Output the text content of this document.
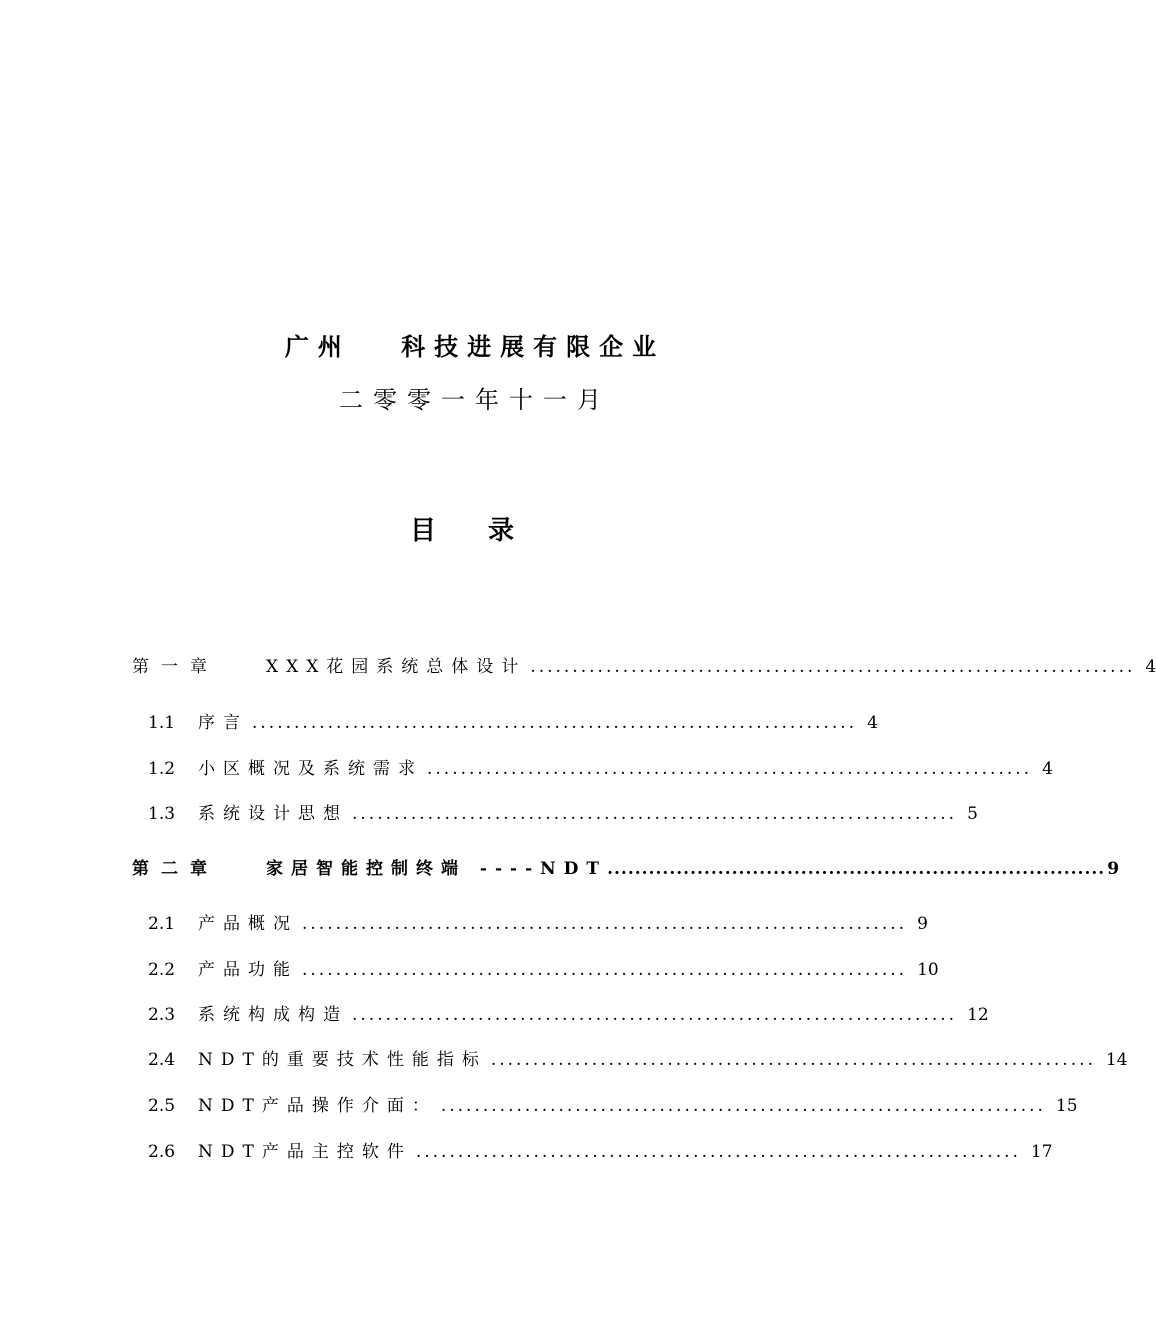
广州　 科技进展有限企业
二零零一年十一月
目录
第一章	XXX花园系统总体设计 ........................................................................ 4
1.1	序言 ........................................................................ 4
1.2	小区概况及系统需求 ........................................................................ 4
1.3	系统设计思想 ........................................................................ 5
第二章	家居智能控制终端 ----NDT ........................................................................ 9
2.1	产品概况 ........................................................................ 9
2.2	产品功能 ........................................................................ 10
2.3	系统构成构造 ........................................................................ 12
2.4	NDT的重要技术性能指标 ........................................................................ 14
2.5	NDT产品操作介面： ........................................................................ 15
2.6	NDT产品主控软件 ........................................................................ 17
